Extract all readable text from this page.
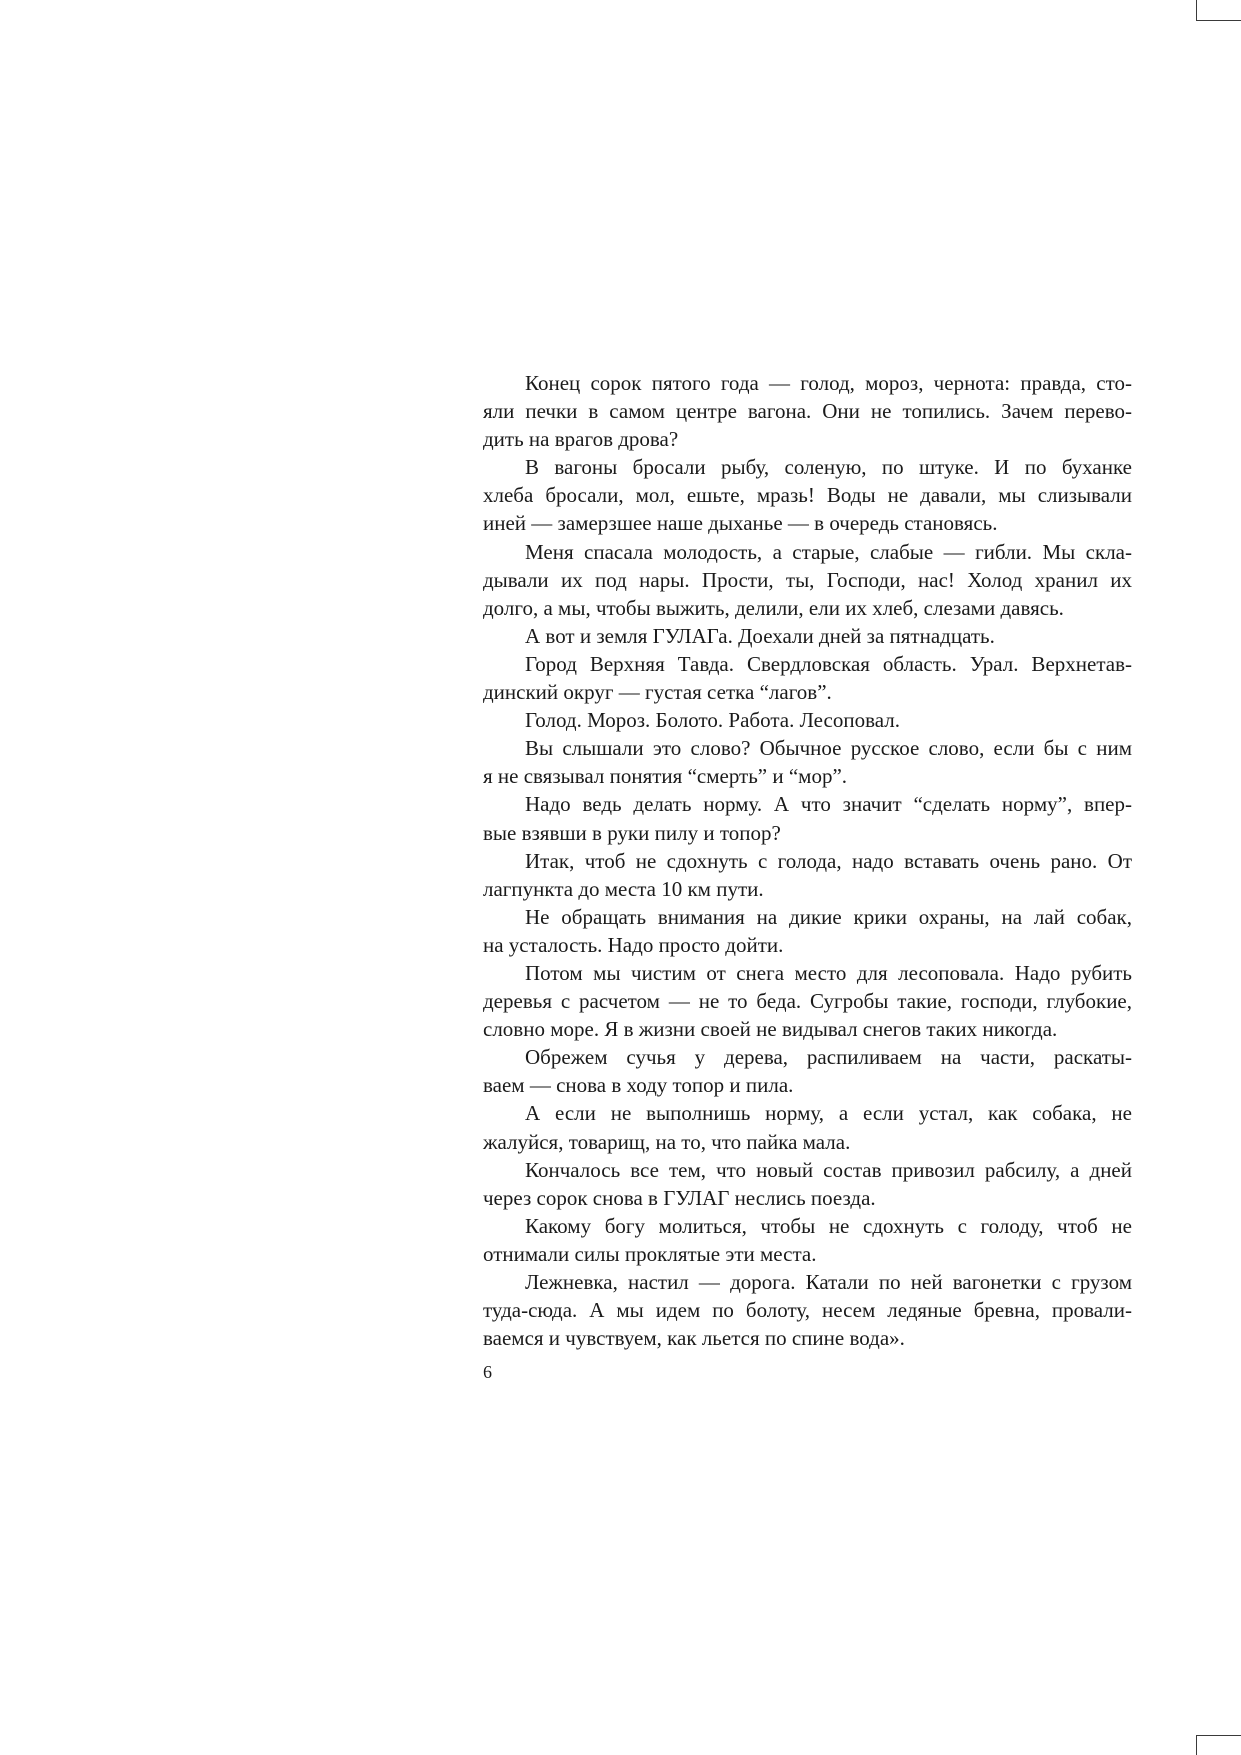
Конец сорок пятого года — голод, мороз, чернота: правда, сто-
яли печки в самом центре вагона. Они не топились. Зачем перево-
дить на врагов дрова?
В вагоны бросали рыбу, соленую, по штуке. И по буханке
хлеба бросали, мол, ешьте, мразь! Воды не давали, мы слизывали
иней — замерзшее наше дыханье — в очередь становясь.
Меня спасала молодость, а старые, слабые — гибли. Мы скла-
дывали их под нары. Прости, ты, Господи, нас! Холод хранил их
долго, а мы, чтобы выжить, делили, ели их хлеб, слезами давясь.
А вот и земля ГУЛАГа. Доехали дней за пятнадцать.
Город Верхняя Тавда. Свердловская область. Урал. Верхнетав-
динский округ — густая сетка “лагов”.
Голод. Мороз. Болото. Работа. Лесоповал.
Вы слышали это слово? Обычное русское слово, если бы с ним
я не связывал понятия “смерть” и “мор”.
Надо ведь делать норму. А что значит “сделать норму”, впер-
вые взявши в руки пилу и топор?
Итак, чтоб не сдохнуть с голода, надо вставать очень рано. От
лагпункта до места 10 км пути.
Не обращать внимания на дикие крики охраны, на лай собак,
на усталость. Надо просто дойти.
Потом мы чистим от снега место для лесоповала. Надо рубить
деревья с расчетом — не то беда. Сугробы такие, господи, глубокие,
словно море. Я в жизни своей не видывал снегов таких никогда.
Обрежем сучья у дерева, распиливаем на части, раскаты-
ваем — снова в ходу топор и пила.
А если не выполнишь норму, а если устал, как собака, не
жалуйся, товарищ, на то, что пайка мала.
Кончалось все тем, что новый состав привозил рабсилу, а дней
через сорок снова в ГУЛАГ неслись поезда.
Какому богу молиться, чтобы не сдохнуть с голоду, чтоб не
отнимали силы проклятые эти места.
Лежневка, настил — дорога. Катали по ней вагонетки с грузом
туда-сюда. А мы идем по болоту, несем ледяные бревна, провали-
ваемся и чувствуем, как льется по спине вода».
6
